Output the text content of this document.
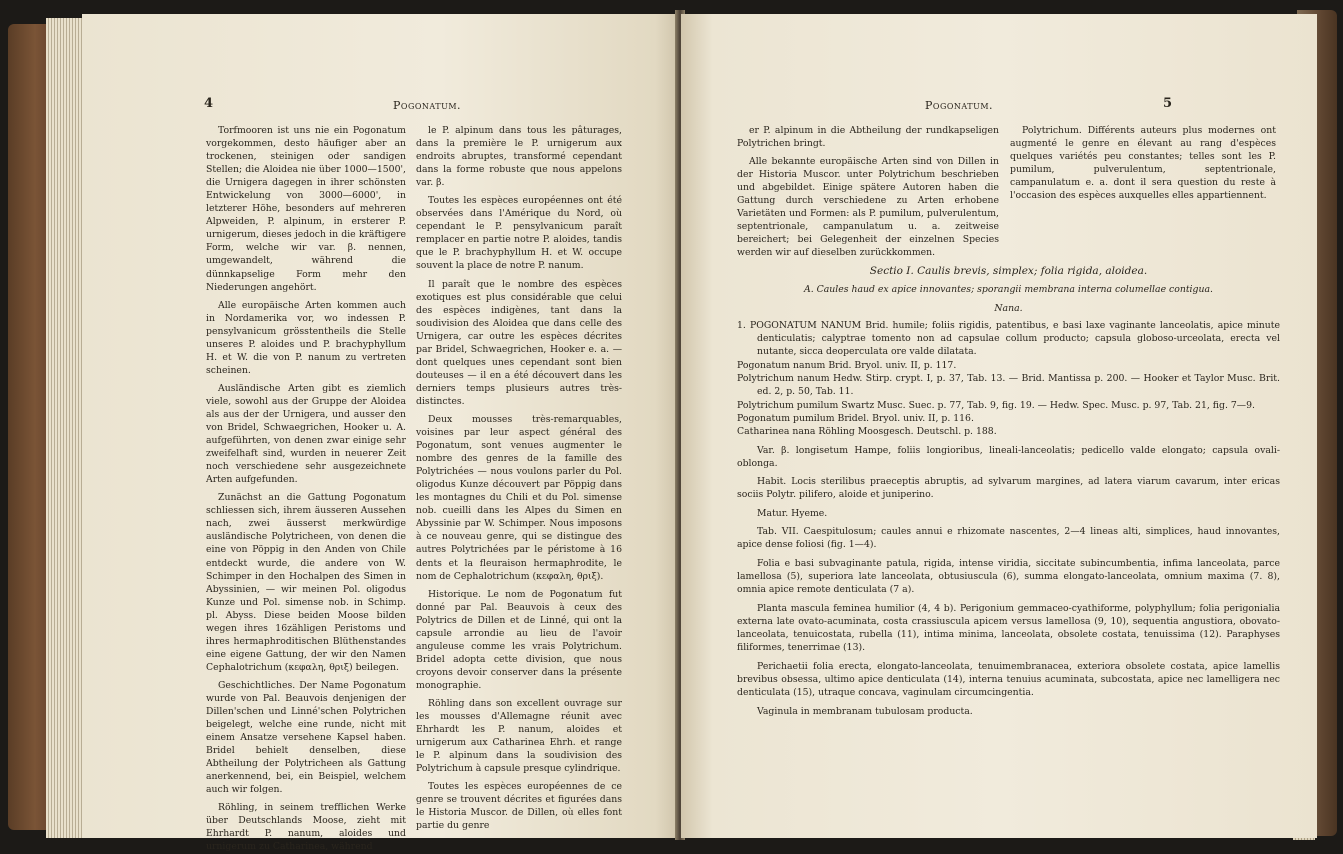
4	Pogonatum.

Torfmooren ist uns nie ein Pogonatum vorgekommen, desto häufiger aber an trockenen, steinigen oder sandigen Stellen; die Aloidea nie über 1000—1500', die Urnigera dagegen in ihrer schönsten Entwickelung von 3000—6000', in letzterer Höhe, besonders auf mehreren Alpweiden, P. alpinum, in ersterer P. urnigerum, dieses jedoch in die kräftigere Form, welche wir var. β. nennen, umgewandelt, während die dünnkapselige Form mehr den Niederungen angehört.

Alle europäische Arten kommen auch in Nordamerika vor, wo indessen P. pensylvanicum grösstentheils die Stelle unseres P. aloides und P. brachyphyllum H. et W. die von P. nanum zu vertreten scheinen.

Ausländische Arten gibt es ziemlich viele, sowohl aus der Gruppe der Aloidea als aus der der Urnigera, und ausser den von Bridel, Schwaegrichen, Hooker u. A. aufgeführten, von denen zwar einige sehr zweifelhaft sind, wurden in neuerer Zeit noch verschiedene sehr ausgezeichnete Arten aufgefunden.

Zunächst an die Gattung Pogonatum schliessen sich, ihrem äusseren Aussehen nach, zwei äusserst merkwürdige ausländische Polytricheen, von denen die eine von Pöppig in den Anden von Chile entdeckt wurde, die andere von W. Schimper in den Hochalpen des Simen in Abyssinien, — wir meinen Pol. oligodus Kunze und Pol. simense nob. in Schimp. pl. Abyss. Diese beiden Moose bilden wegen ihres 16zähligen Peristoms und ihres hermaphroditischen Blüthenstandes eine eigene Gattung, der wir den Namen Cephalotrichum (κεφαλη, θριξ) beilegen.

Geschichtliches. Der Name Pogonatum wurde von Pal. Beauvois denjenigen der Dillen'schen und Linné'schen Polytrichen beigelegt, welche eine runde, nicht mit einem Ansatze versehene Kapsel haben. Bridel behielt denselben, diese Abtheilung der Polytricheen als Gattung anerkennend, bei, ein Beispiel, welchem auch wir folgen.

Röhling, in seinem trefflichen Werke über Deutschlands Moose, zieht mit Ehrhardt P. nanum, aloides und urnigerum zu Catharinea, während

le P. alpinum dans tous les pâturages, dans la première le P. urnigerum aux endroits abruptes, transformé cependant dans la forme robuste que nous appelons var. β.

Toutes les espèces européennes ont été observées dans l'Amérique du Nord, où cependant le P. pensylvanicum paraît remplacer en partie notre P. aloides, tandis que le P. brachyphyllum H. et W. occupe souvent la place de notre P. nanum.

Il paraît que le nombre des espèces exotiques est plus considérable que celui des espèces indigènes, tant dans la soudivision des Aloidea que dans celle des Urnigera, car outre les espèces décrites par Bridel, Schwaegrichen, Hooker e. a. — dont quelques unes cependant sont bien douteuses — il en a été découvert dans les derniers temps plusieurs autres très-distinctes.

Deux mousses très-remarquables, voisines par leur aspect général des Pogonatum, sont venues augmenter le nombre des genres de la famille des Polytrichées — nous voulons parler du Pol. oligodus Kunze découvert par Pöppig dans les montagnes du Chili et du Pol. simense nob. cueilli dans les Alpes du Simen en Abyssinie par W. Schimper. Nous imposons à ce nouveau genre, qui se distingue des autres Polytrichées par le péristome à 16 dents et la fleuraison hermaphrodite, le nom de Cephalotrichum (κεφαλη, θριξ).

Historique. Le nom de Pogonatum fut donné par Pal. Beauvois à ceux des Polytrics de Dillen et de Linné, qui ont la capsule arrondie au lieu de l'avoir anguleuse comme les vrais Polytrichum. Bridel adopta cette division, que nous croyons devoir conserver dans la présente monographie.

Röhling dans son excellent ouvrage sur les mousses d'Allemagne réunit avec Ehrhardt les P. nanum, aloides et urnigerum aux Catharinea Ehrh. et range le P. alpinum dans la soudivision des Polytrichum à capsule presque cylindrique.

Toutes les espèces européennes de ce genre se trouvent décrites et figurées dans le Historia Muscor. de Dillen, où elles font partie du genre

Pogonatum.	5

er P. alpinum in die Abtheilung der rundkapseligen Polytrichen bringt.

Alle bekannte europäische Arten sind von Dillen in der Historia Muscor. unter Polytrichum beschrieben und abgebildet. Einige spätere Autoren haben die Gattung durch verschiedene zu Arten erhobene Varietäten und Formen: als P. pumilum, pulverulentum, septentrionale, campanulatum u. a. zeitweise bereichert; bei Gelegenheit der einzelnen Species werden wir auf dieselben zurückkommen.

Polytrichum. Différents auteurs plus modernes ont augmenté le genre en élevant au rang d'espèces quelques variétés peu constantes; telles sont les P. pumilum, pulverulentum, septentrionale, campanulatum e. a. dont il sera question du reste à l'occasion des espèces auxquelles elles appartiennent.

Sectio I. Caulis brevis, simplex; folia rigida, aloidea.

A. Caules haud ex apice innovantes; sporangii membrana interna columellae contigua.

Nana.

1. POGONATUM NANUM Brid. humile; foliis rigidis, patentibus, e basi laxe vaginante lanceolatis, apice minute denticulatis; calyptrae tomento non ad capsulae collum producto; capsula globoso-urceolata, erecta vel nutante, sicca deoperculata ore valde dilatata.

Pogonatum nanum Brid. Bryol. univ. II, p. 117.

Polytrichum nanum Hedw. Stirp. crypt. I, p. 37, Tab. 13. — Brid. Mantissa p. 200. — Hooker et Taylor Musc. Brit. ed. 2, p. 50, Tab. 11.

Polytrichum pumilum Swartz Musc. Suec. p. 77, Tab. 9, fig. 19. — Hedw. Spec. Musc. p. 97, Tab. 21, fig. 7—9.

Pogonatum pumilum Bridel. Bryol. univ. II, p. 116.

Catharinea nana Röhling Moosgesch. Deutschl. p. 188.

Var. β. longisetum Hampe, foliis longioribus, lineali-lanceolatis; pedicello valde elongato; capsula ovali-oblonga.

Habit. Locis sterilibus praeceptis abruptis, ad sylvarum margines, ad latera viarum cavarum, inter ericas sociis Polytr. pilifero, aloide et juniperino.

Matur. Hyeme.

Tab. VII. Caespitulosum; caules annui e rhizomate nascentes, 2—4 lineas alti, simplices, haud innovantes, apice dense foliosi (fig. 1—4).

Folia e basi subvaginante patula, rigida, intense viridia, siccitate subincumbentia, infima lanceolata, parce lamellosa (5), superiora late lanceolata, obtusiuscula (6), summa elongato-lanceolata, omnium maxima (7. 8), omnia apice remote denticulata (7 a).

Planta mascula feminea humilior (4, 4 b). Perigonium gemmaceo-cyathiforme, polyphyllum; folia perigonialia externa late ovato-acuminata, costa crassiuscula apicem versus lamellosa (9, 10), sequentia angustiora, obovato-lanceolata, tenuicostata, rubella (11), intima minima, lanceolata, obsolete costata, tenuissima (12). Paraphyses filiformes, tenerrimae (13).

Perichaetii folia erecta, elongato-lanceolata, tenuimembranacea, exteriora obsolete costata, apice lamellis brevibus obsessa, ultimo apice denticulata (14), interna tenuius acuminata, subcostata, apice nec lamelligera nec denticulata (15), utraque concava, vaginulam circumcingentia.

Vaginula in membranam tubulosam producta.
